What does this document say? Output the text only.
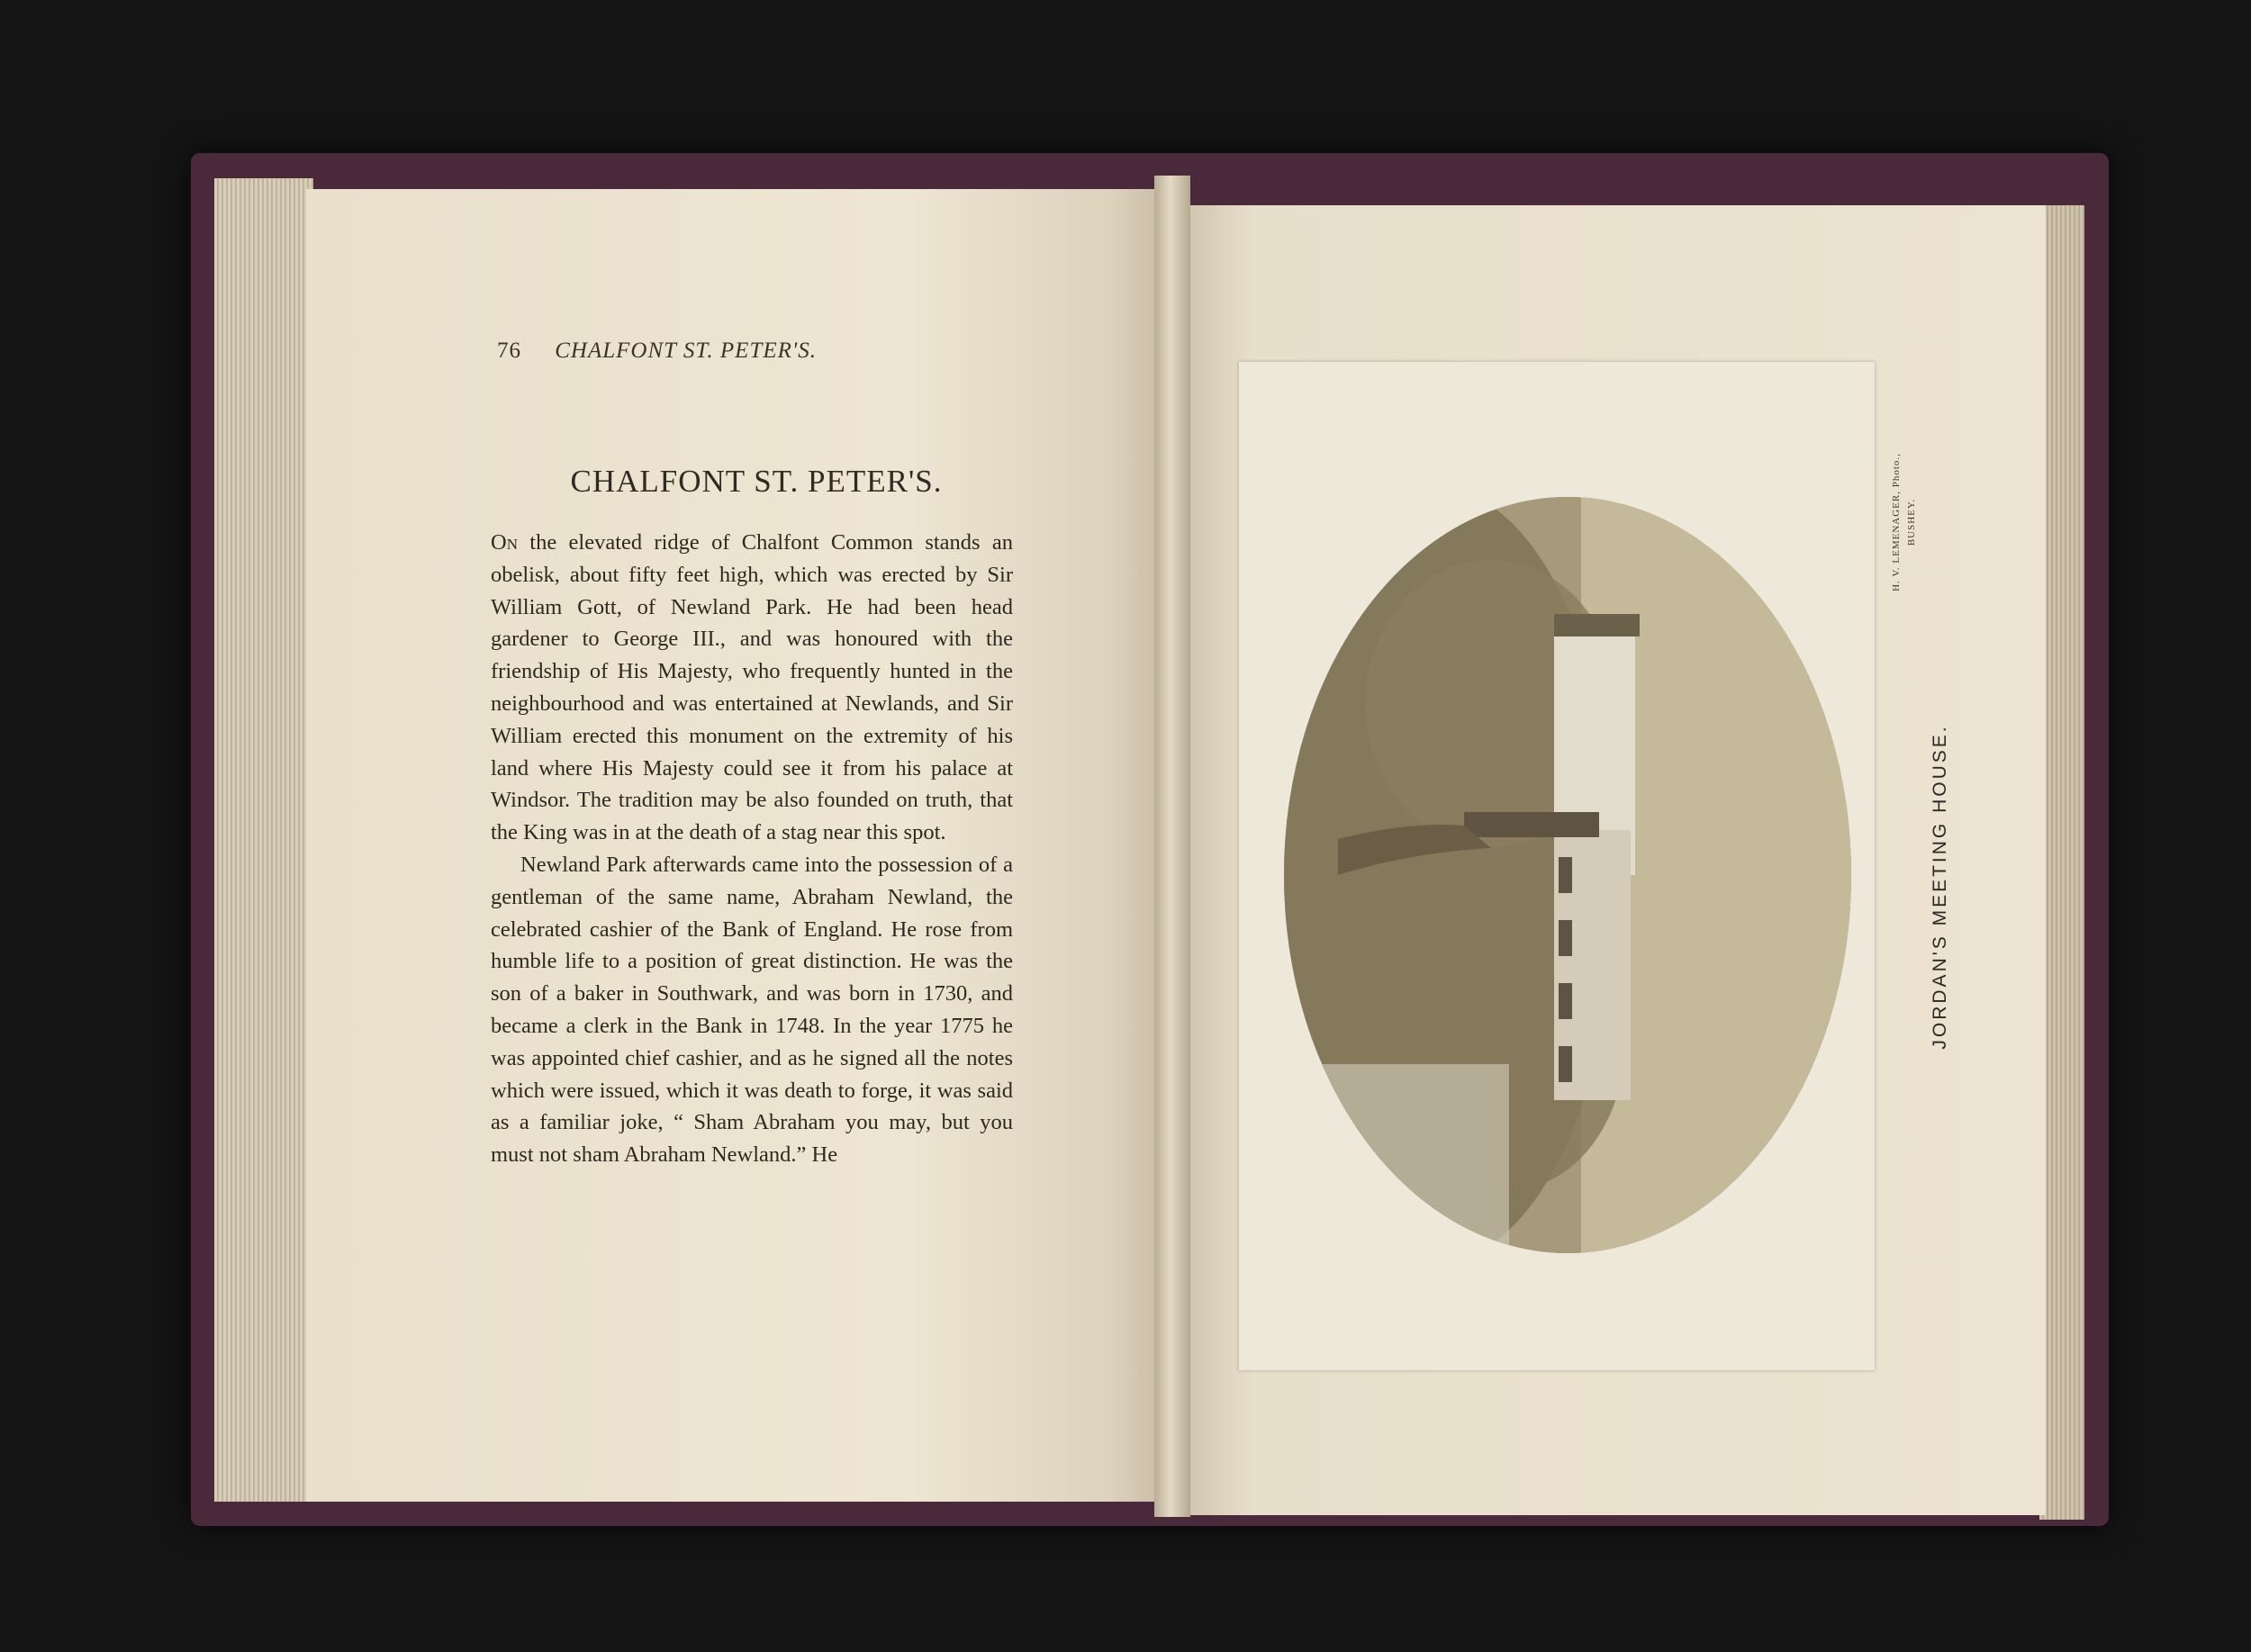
76 CHALFONT ST. PETER'S.
CHALFONT ST. PETER'S.

On the elevated ridge of Chalfont Common stands an obelisk, about fifty feet high, which was erected by Sir William Gott, of Newland Park. He had been head gardener to George III., and was honoured with the friendship of His Majesty, who frequently hunted in the neighbourhood and was entertained at Newlands, and Sir William erected this monument on the extremity of his land where His Majesty could see it from his palace at Windsor. The tradition may be also founded on truth, that the King was in at the death of a stag near this spot.

Newland Park afterwards came into the possession of a gentleman of the same name, Abraham Newland, the celebrated cashier of the Bank of England. He rose from humble life to a position of great distinction. He was the son of a baker in Southwark, and was born in 1730, and became a clerk in the Bank in 1748. In the year 1775 he was appointed chief cashier, and as he signed all the notes which were issued, which it was death to forge, it was said as a familiar joke, “ Sham Abraham you may, but you must not sham Abraham Newland.” He

H. V. LEMENAGER, Photo., BUSHEY.
JORDAN'S MEETING HOUSE.
